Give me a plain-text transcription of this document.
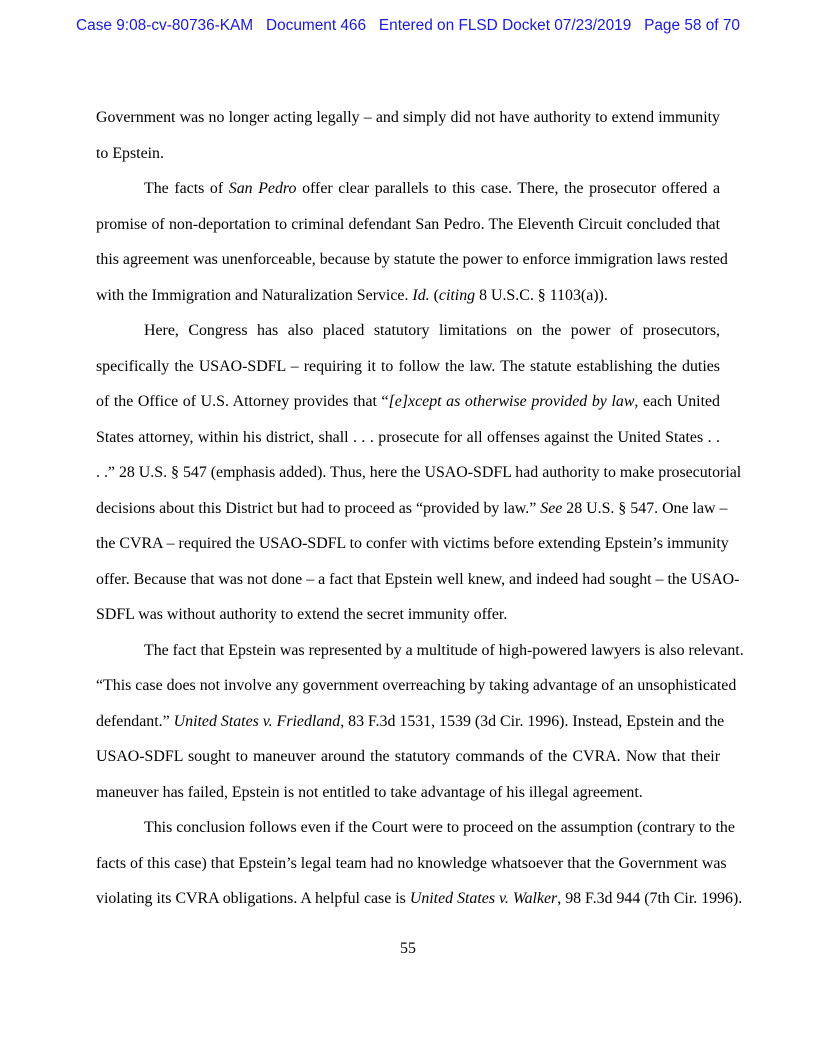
Case 9:08-cv-80736-KAM   Document 466   Entered on FLSD Docket 07/23/2019   Page 58 of 70
Government was no longer acting legally – and simply did not have authority to extend immunity
to Epstein.
The facts of San Pedro offer clear parallels to this case. There, the prosecutor offered a
promise of non-deportation to criminal defendant San Pedro. The Eleventh Circuit concluded that
this agreement was unenforceable, because by statute the power to enforce immigration laws rested
with the Immigration and Naturalization Service. Id. (citing 8 U.S.C. § 1103(a)).
Here, Congress has also placed statutory limitations on the power of prosecutors,
specifically the USAO-SDFL – requiring it to follow the law. The statute establishing the duties
of the Office of U.S. Attorney provides that “[e]xcept as otherwise provided by law, each United
States attorney, within his district, shall . . . prosecute for all offenses against the United States . .
. .” 28 U.S. § 547 (emphasis added). Thus, here the USAO-SDFL had authority to make prosecutorial
decisions about this District but had to proceed as “provided by law.” See 28 U.S. § 547. One law –
the CVRA – required the USAO-SDFL to confer with victims before extending Epstein’s immunity
offer. Because that was not done – a fact that Epstein well knew, and indeed had sought – the USAO-
SDFL was without authority to extend the secret immunity offer.
The fact that Epstein was represented by a multitude of high-powered lawyers is also relevant.
“This case does not involve any government overreaching by taking advantage of an unsophisticated
defendant.” United States v. Friedland, 83 F.3d 1531, 1539 (3d Cir. 1996). Instead, Epstein and the
USAO-SDFL sought to maneuver around the statutory commands of the CVRA. Now that their
maneuver has failed, Epstein is not entitled to take advantage of his illegal agreement.
This conclusion follows even if the Court were to proceed on the assumption (contrary to the
facts of this case) that Epstein’s legal team had no knowledge whatsoever that the Government was
violating its CVRA obligations. A helpful case is United States v. Walker, 98 F.3d 944 (7th Cir. 1996).
55
